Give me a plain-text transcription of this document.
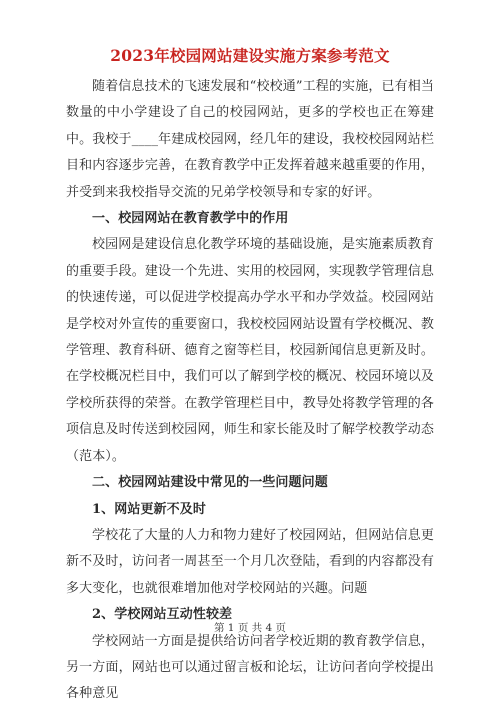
2023年校园网站建设实施方案参考范文

随着信息技术的飞速发展和“校校通”工程的实施，已有相当数量的中小学建设了自己的校园网站，更多的学校也正在筹建中。我校于____年建成校园网，经几年的建设，我校校园网站栏目和内容逐步完善，在教育教学中正发挥着越来越重要的作用，并受到来我校指导交流的兄弟学校领导和专家的好评。

一、校园网站在教育教学中的作用

校园网是建设信息化教学环境的基础设施，是实施素质教育的重要手段。建设一个先进、实用的校园网，实现教学管理信息的快速传递，可以促进学校提高办学水平和办学效益。校园网站是学校对外宣传的重要窗口，我校校园网站设置有学校概况、教学管理、教育科研、德育之窗等栏目，校园新闻信息更新及时。在学校概况栏目中，我们可以了解到学校的概况、校园环境以及学校所获得的荣誉。在教学管理栏目中，教导处将教学管理的各项信息及时传送到校园网，师生和家长能及时了解学校教学动态（范本）。

二、校园网站建设中常见的一些问题问题
1、网站更新不及时

学校花了大量的人力和物力建好了校园网站，但网站信息更新不及时，访问者一周甚至一个月几次登陆，看到的内容都没有多大变化，也就很难增加他对学校网站的兴趣。问题

2、学校网站互动性较差

学校网站一方面是提供给访问者学校近期的教育教学信息，另一方面，网站也可以通过留言板和论坛，让访问者向学校提出各种意见

第 1 页 共 4 页
